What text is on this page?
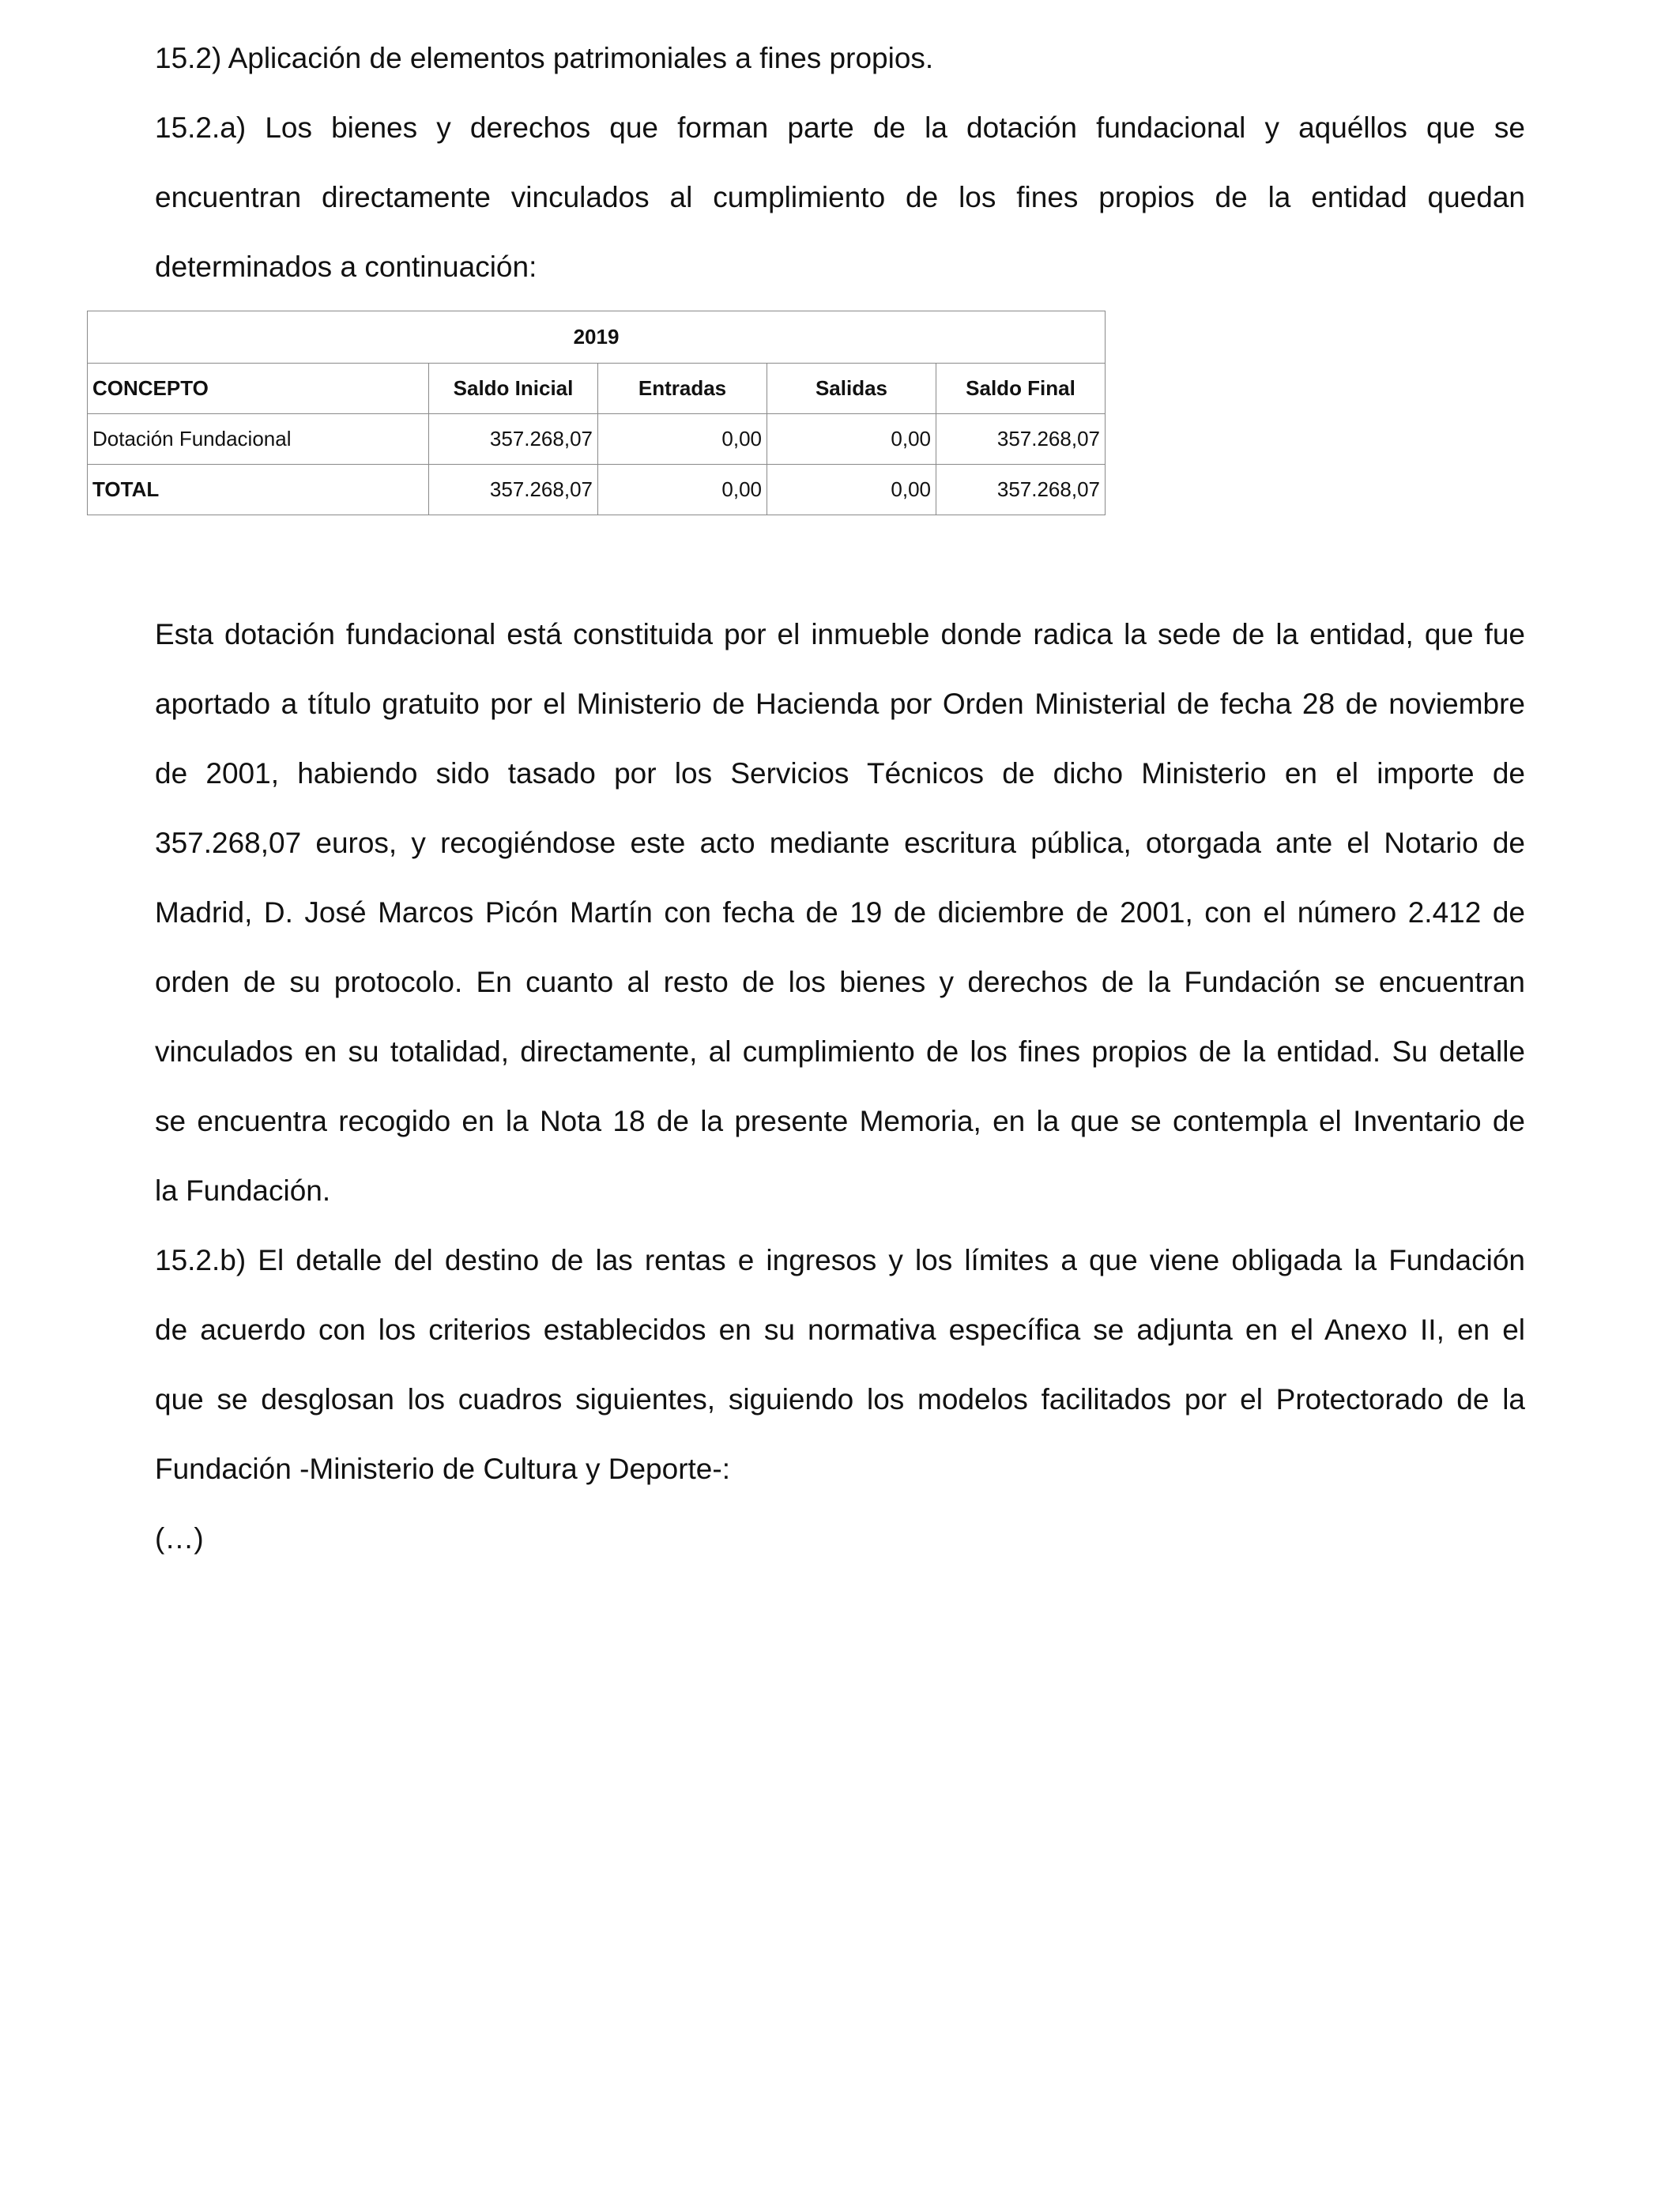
15.2) Aplicación de elementos patrimoniales a fines propios.

15.2.a) Los bienes y derechos que forman parte de la dotación fundacional y aquéllos que se
encuentran directamente vinculados al cumplimiento de los fines propios de la entidad quedan
determinados a continuación:
2019				
CONCEPTO	Saldo Inicial	Entradas	Salidas	Saldo Final
Dotación Fundacional	357.268,07	0,00	0,00	357.268,07
TOTAL	357.268,07	0,00	0,00	357.268,07
Esta dotación fundacional está constituida por el inmueble donde radica la sede de la entidad, que fue
aportado a título gratuito por el Ministerio de Hacienda por Orden Ministerial de fecha 28 de noviembre
de 2001, habiendo sido tasado por los Servicios Técnicos de dicho Ministerio en el importe de
357.268,07 euros, y recogiéndose este acto mediante escritura pública, otorgada ante el Notario de
Madrid, D. José Marcos Picón Martín con fecha de 19 de diciembre de 2001, con el número 2.412 de
orden de su protocolo. En cuanto al resto de los bienes y derechos de la Fundación se encuentran
vinculados en su totalidad, directamente, al cumplimiento de los fines propios de la entidad. Su detalle
se encuentra recogido en la Nota 18 de la presente Memoria, en la que se contempla el Inventario de
la Fundación.
15.2.b) El detalle del destino de las rentas e ingresos y los límites a que viene obligada la Fundación
de acuerdo con los criterios establecidos en su normativa específica se adjunta en el Anexo II, en el
que se desglosan los cuadros siguientes, siguiendo los modelos facilitados por el Protectorado de la
Fundación -Ministerio de Cultura y Deporte-:

(…)
